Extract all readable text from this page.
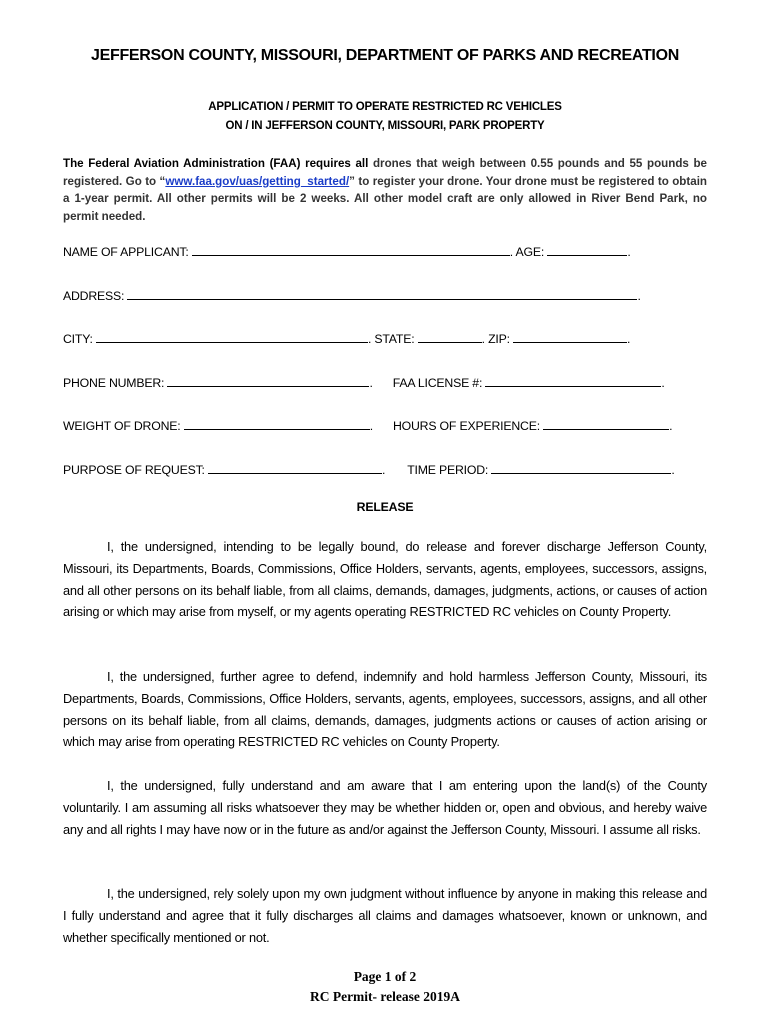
JEFFERSON COUNTY, MISSOURI, DEPARTMENT OF PARKS AND RECREATION
APPLICATION / PERMIT TO OPERATE RESTRICTED RC VEHICLES
ON / IN JEFFERSON COUNTY, MISSOURI, PARK PROPERTY
The Federal Aviation Administration (FAA) requires all drones that weigh between 0.55 pounds and 55 pounds be registered. Go to “www.faa.gov/uas/getting_started/” to register your drone. Your drone must be registered to obtain a 1-year permit. All other permits will be 2 weeks. All other model craft are only allowed in River Bend Park, no permit needed.
NAME OF APPLICANT:	. AGE:	.
ADDRESS:	.
CITY:	. STATE:	. ZIP:	.
PHONE NUMBER:	. FAA LICENSE #:	.
WEIGHT OF DRONE:	. HOURS OF EXPERIENCE:	.
PURPOSE OF REQUEST:	. TIME PERIOD:	.
RELEASE
I, the undersigned, intending to be legally bound, do release and forever discharge Jefferson County, Missouri, its Departments, Boards, Commissions, Office Holders, servants, agents, employees, successors, assigns, and all other persons on its behalf liable, from all claims, demands, damages, judgments, actions, or causes of action arising or which may arise from myself, or my agents operating RESTRICTED RC vehicles on County Property.
I, the undersigned, further agree to defend, indemnify and hold harmless Jefferson County, Missouri, its Departments, Boards, Commissions, Office Holders, servants, agents, employees, successors, assigns, and all other persons on its behalf liable, from all claims, demands, damages, judgments actions or causes of action arising or which may arise from operating RESTRICTED RC vehicles on County Property.
I, the undersigned, fully understand and am aware that I am entering upon the land(s) of the County voluntarily. I am assuming all risks whatsoever they may be whether hidden or, open and obvious, and hereby waive any and all rights I may have now or in the future as and/or against the Jefferson County, Missouri. I assume all risks.
I, the undersigned, rely solely upon my own judgment without influence by anyone in making this release and I fully understand and agree that it fully discharges all claims and damages whatsoever, known or unknown, and whether specifically mentioned or not.
Page 1 of 2
RC Permit- release 2019A
